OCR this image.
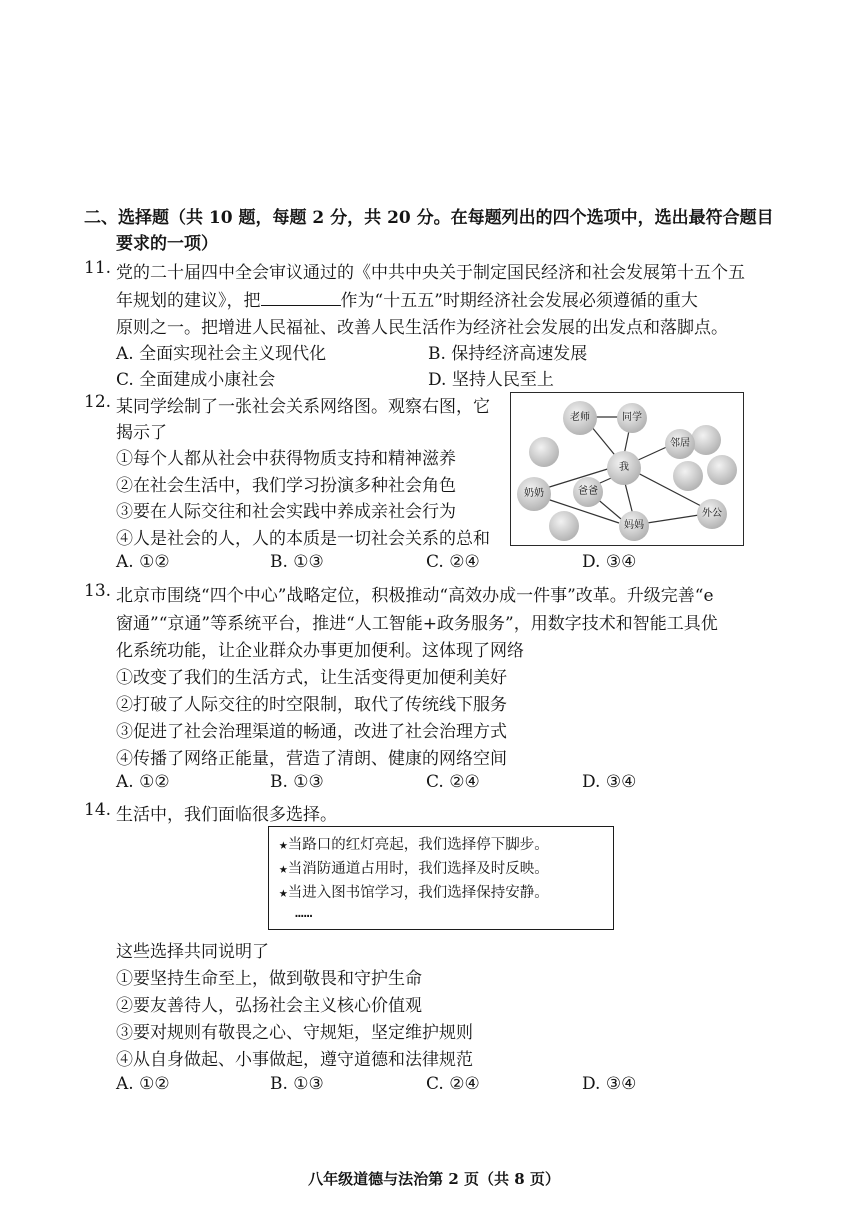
二、选择题（共 10 题，每题 2 分，共 20 分。在每题列出的四个选项中，选出最符合题目
要求的一项）
11. 党的二十届四中全会审议通过的《中共中央关于制定国民经济和社会发展第十五个五
年规划的建议》，把	作为“十五五”时期经济社会发展必须遵循的重大
原则之一。把增进人民福祉、改善人民生活作为经济社会发展的出发点和落脚点。
A. 全面实现社会主义现代化	B. 保持经济高速发展
C. 全面建成小康社会	D. 坚持人民至上
12. 某同学绘制了一张社会关系网络图。观察右图，它
揭示了
①每个人都从社会中获得物质支持和精神滋养
②在社会生活中，我们学习扮演多种社会角色
③要在人际交往和社会实践中养成亲社会行为
④人是社会的人，人的本质是一切社会关系的总和
A. ①②	B. ①③	C. ②④	D. ③④
老师	同学
邻居
我
奶奶	爸爸
妈妈
外公
13. 北京市围绕“四个中心”战略定位，积极推动“高效办成一件事”改革。升级完善“e
窗通”“京通”等系统平台，推进“人工智能+政务服务”，用数字技术和智能工具优
化系统功能，让企业群众办事更加便利。这体现了网络
①改变了我们的生活方式，让生活变得更加便利美好
②打破了人际交往的时空限制，取代了传统线下服务
③促进了社会治理渠道的畅通，改进了社会治理方式
④传播了网络正能量，营造了清朗、健康的网络空间
A. ①②	B. ①③	C. ②④	D. ③④
14. 生活中，我们面临很多选择。
★当路口的红灯亮起，我们选择停下脚步。
★当消防通道占用时，我们选择及时反映。
★当进入图书馆学习，我们选择保持安静。
……
这些选择共同说明了
①要坚持生命至上，做到敬畏和守护生命
②要友善待人，弘扬社会主义核心价值观
③要对规则有敬畏之心、守规矩，坚定维护规则
④从自身做起、小事做起，遵守道德和法律规范
A. ①②	B. ①③	C. ②④	D. ③④
八年级道德与法治第 2 页（共 8 页）
